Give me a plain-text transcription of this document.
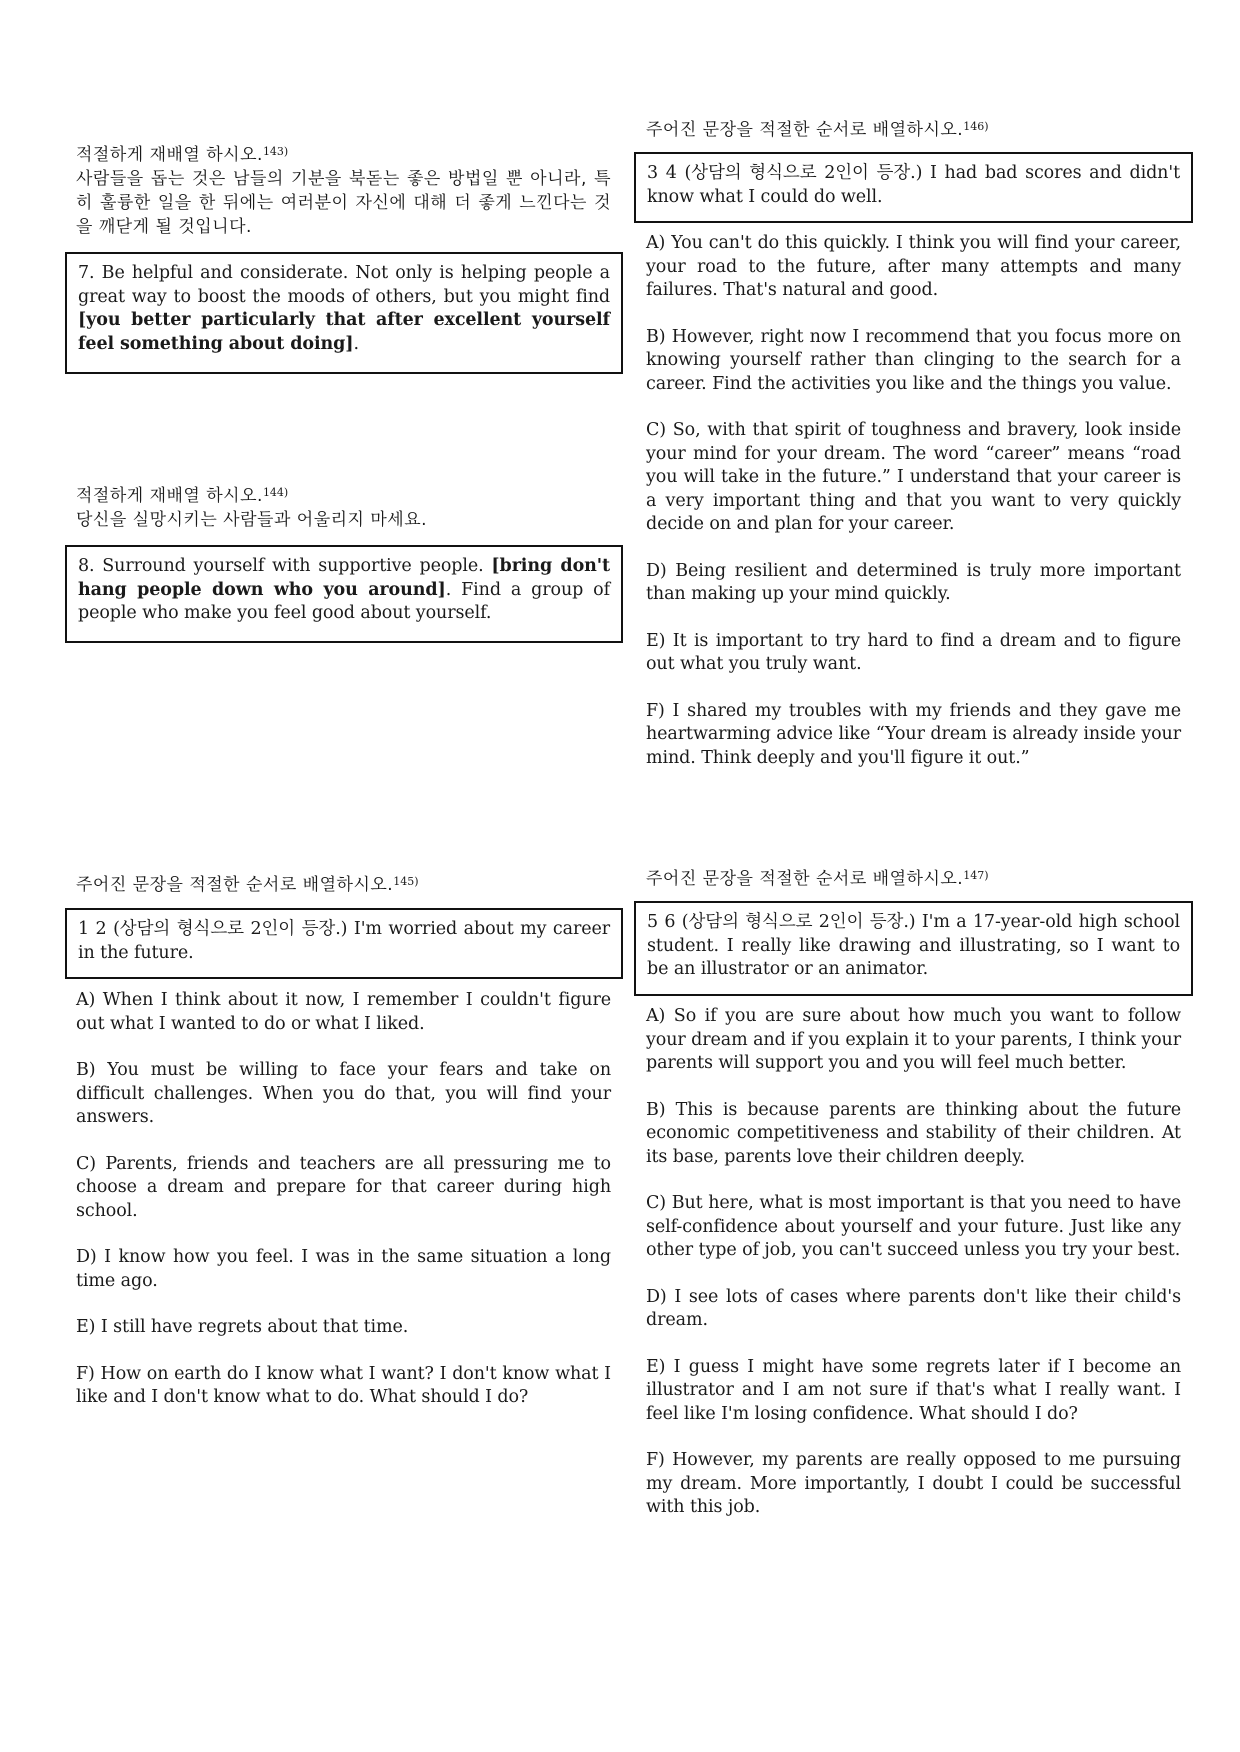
적절하게 재배열 하시오.$^{143)}$

사람들을 돕는 것은 남들의 기분을 북돋는 좋은 방법일 뿐 아니라, 특히 훌륭한 일을 한 뒤에는 여러분이 자신에 대해 더 좋게 느낀다는 것을 깨닫게 될 것입니다.

7. Be helpful and considerate. Not only is helping people a great way to boost the moods of others, but you might find [you better particularly that after excellent yourself feel something about doing].

적절하게 재배열 하시오.$^{144)}$

당신을 실망시키는 사람들과 어울리지 마세요.

8. Surround yourself with supportive people. [bring don't hang people down who you around]. Find a group of people who make you feel good about yourself.

주어진 문장을 적절한 순서로 배열하시오.$^{145)}$

1 2 (상담의 형식으로 2인이 등장.) I'm worried about my career in the future.

A) When I think about it now, I remember I couldn't figure out what I wanted to do or what I liked.

B) You must be willing to face your fears and take on difficult challenges. When you do that, you will find your answers.

C) Parents, friends and teachers are all pressuring me to choose a dream and prepare for that career during high school.

D) I know how you feel. I was in the same situation a long time ago.

E) I still have regrets about that time.

F) How on earth do I know what I want? I don't know what I like and I don't know what to do. What should I do?

주어진 문장을 적절한 순서로 배열하시오.$^{146)}$

3 4 (상담의 형식으로 2인이 등장.) I had bad scores and didn't know what I could do well.

A) You can't do this quickly. I think you will find your career, your road to the future, after many attempts and many failures. That's natural and good.

B) However, right now I recommend that you focus more on knowing yourself rather than clinging to the search for a career. Find the activities you like and the things you value.

C) So, with that spirit of toughness and bravery, look inside your mind for your dream. The word “career” means “road you will take in the future.” I understand that your career is a very important thing and that you want to very quickly decide on and plan for your career.

D) Being resilient and determined is truly more important than making up your mind quickly.

E) It is important to try hard to find a dream and to figure out what you truly want.

F) I shared my troubles with my friends and they gave me heartwarming advice like “Your dream is already inside your mind. Think deeply and you'll figure it out.”

주어진 문장을 적절한 순서로 배열하시오.$^{147)}$

5 6 (상담의 형식으로 2인이 등장.) I'm a 17-year-old high school student. I really like drawing and illustrating, so I want to be an illustrator or an animator.

A) So if you are sure about how much you want to follow your dream and if you explain it to your parents, I think your parents will support you and you will feel much better.

B) This is because parents are thinking about the future economic competitiveness and stability of their children. At its base, parents love their children deeply.

C) But here, what is most important is that you need to have self-confidence about yourself and your future. Just like any other type of job, you can't succeed unless you try your best.

D) I see lots of cases where parents don't like their child's dream.

E) I guess I might have some regrets later if I become an illustrator and I am not sure if that's what I really want. I feel like I'm losing confidence. What should I do?

F) However, my parents are really opposed to me pursuing my dream. More importantly, I doubt I could be successful with this job.
